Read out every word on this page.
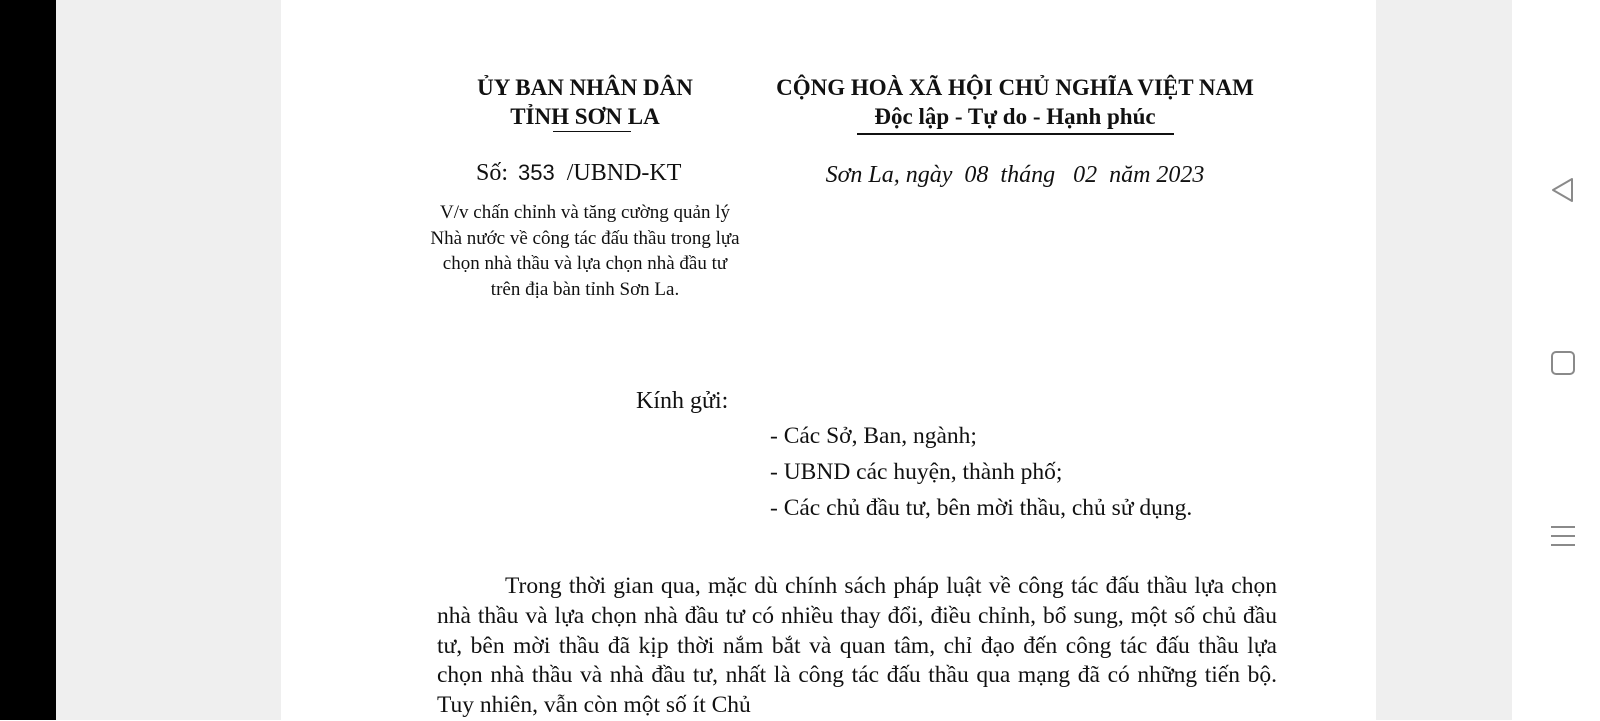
ỦY BAN NHÂN DÂN
TỈNH SƠN LA
CỘNG HOÀ XÃ HỘI CHỦ NGHĨA VIỆT NAM
Độc lập - Tự do - Hạnh phúc
Số: 353 /UBND-KT	Sơn La, ngày  08  tháng   02  năm 2023
V/v chấn chỉnh và tăng cường quản lý Nhà nước về công tác đấu thầu trong lựa chọn nhà thầu và lựa chọn nhà đầu tư trên địa bàn tỉnh Sơn La.
Kính gửi:
- Các Sở, Ban, ngành;
- UBND các huyện, thành phố;
- Các chủ đầu tư, bên mời thầu, chủ sử dụng.
Trong thời gian qua, mặc dù chính sách pháp luật về công tác đấu thầu lựa chọn nhà thầu và lựa chọn nhà đầu tư có nhiều thay đổi, điều chỉnh, bổ sung, một số chủ đầu tư, bên mời thầu đã kịp thời nắm bắt và quan tâm, chỉ đạo đến công tác đấu thầu lựa chọn nhà thầu và nhà đầu tư, nhất là công tác đấu thầu qua mạng đã có những tiến bộ. Tuy nhiên, vẫn còn một số ít Chủ
